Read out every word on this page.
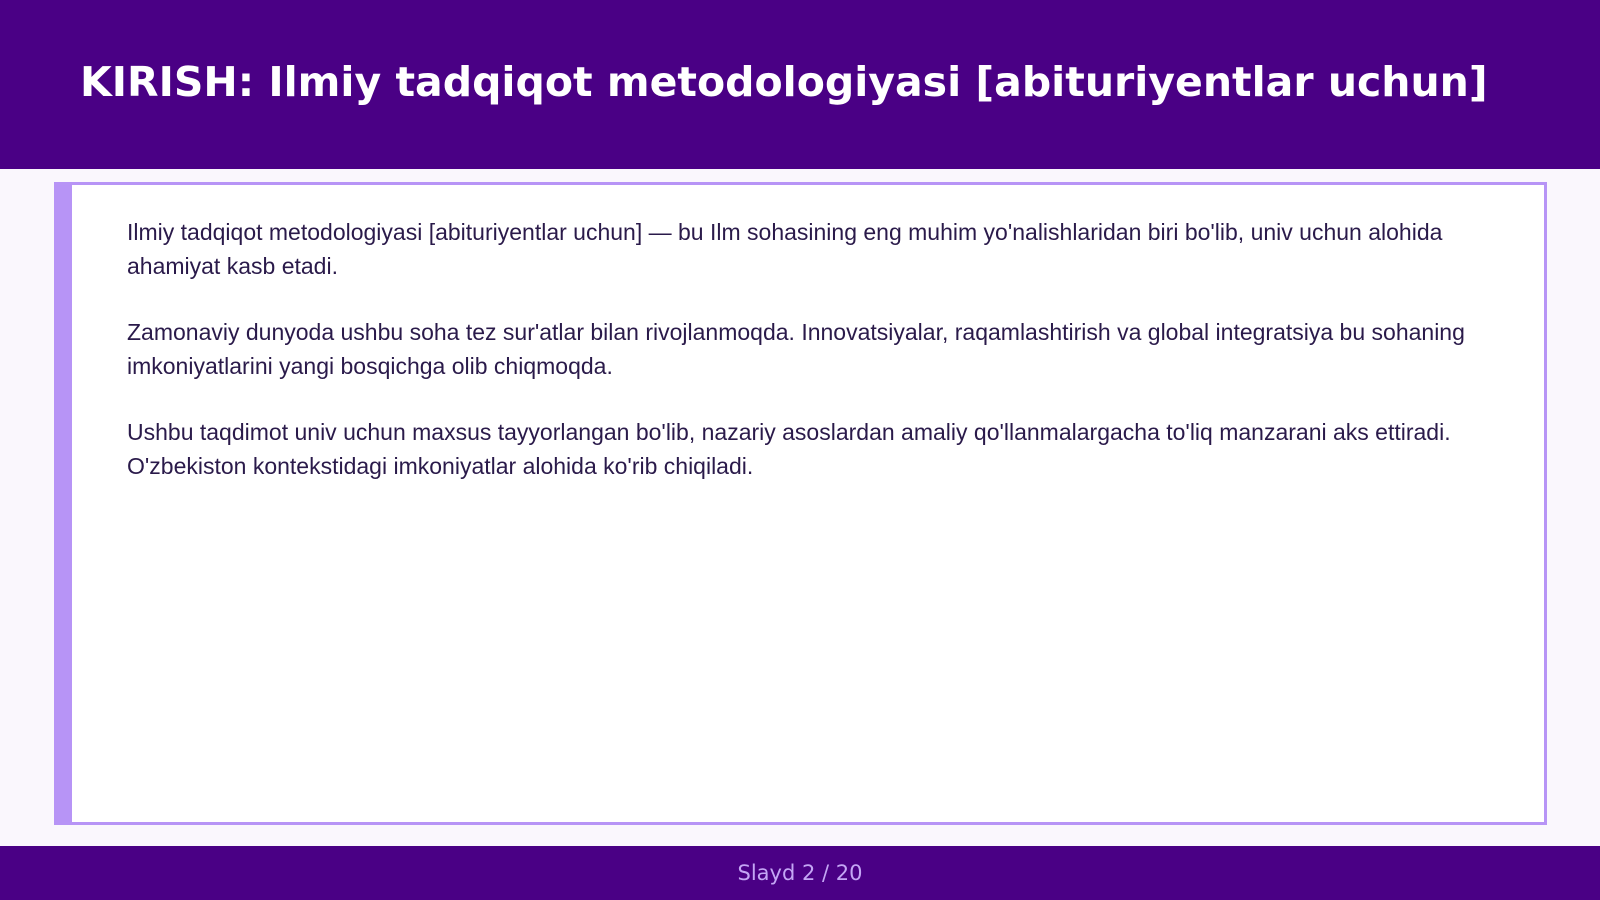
KIRISH: Ilmiy tadqiqot metodologiyasi [abituriyentlar uchun]

Ilmiy tadqiqot metodologiyasi [abituriyentlar uchun] — bu Ilm sohasining eng muhim yo'nalishlaridan biri bo'lib, univ uchun alohida ahamiyat kasb etadi.

Zamonaviy dunyoda ushbu soha tez sur'atlar bilan rivojlanmoqda. Innovatsiyalar, raqamlashtirish va global integratsiya bu sohaning imkoniyatlarini yangi bosqichga olib chiqmoqda.

Ushbu taqdimot univ uchun maxsus tayyorlangan bo'lib, nazariy asoslardan amaliy qo'llanmalargacha to'liq manzarani aks ettiradi. O'zbekiston kontekstidagi imkoniyatlar alohida ko'rib chiqiladi.

Slayd 2 / 20
